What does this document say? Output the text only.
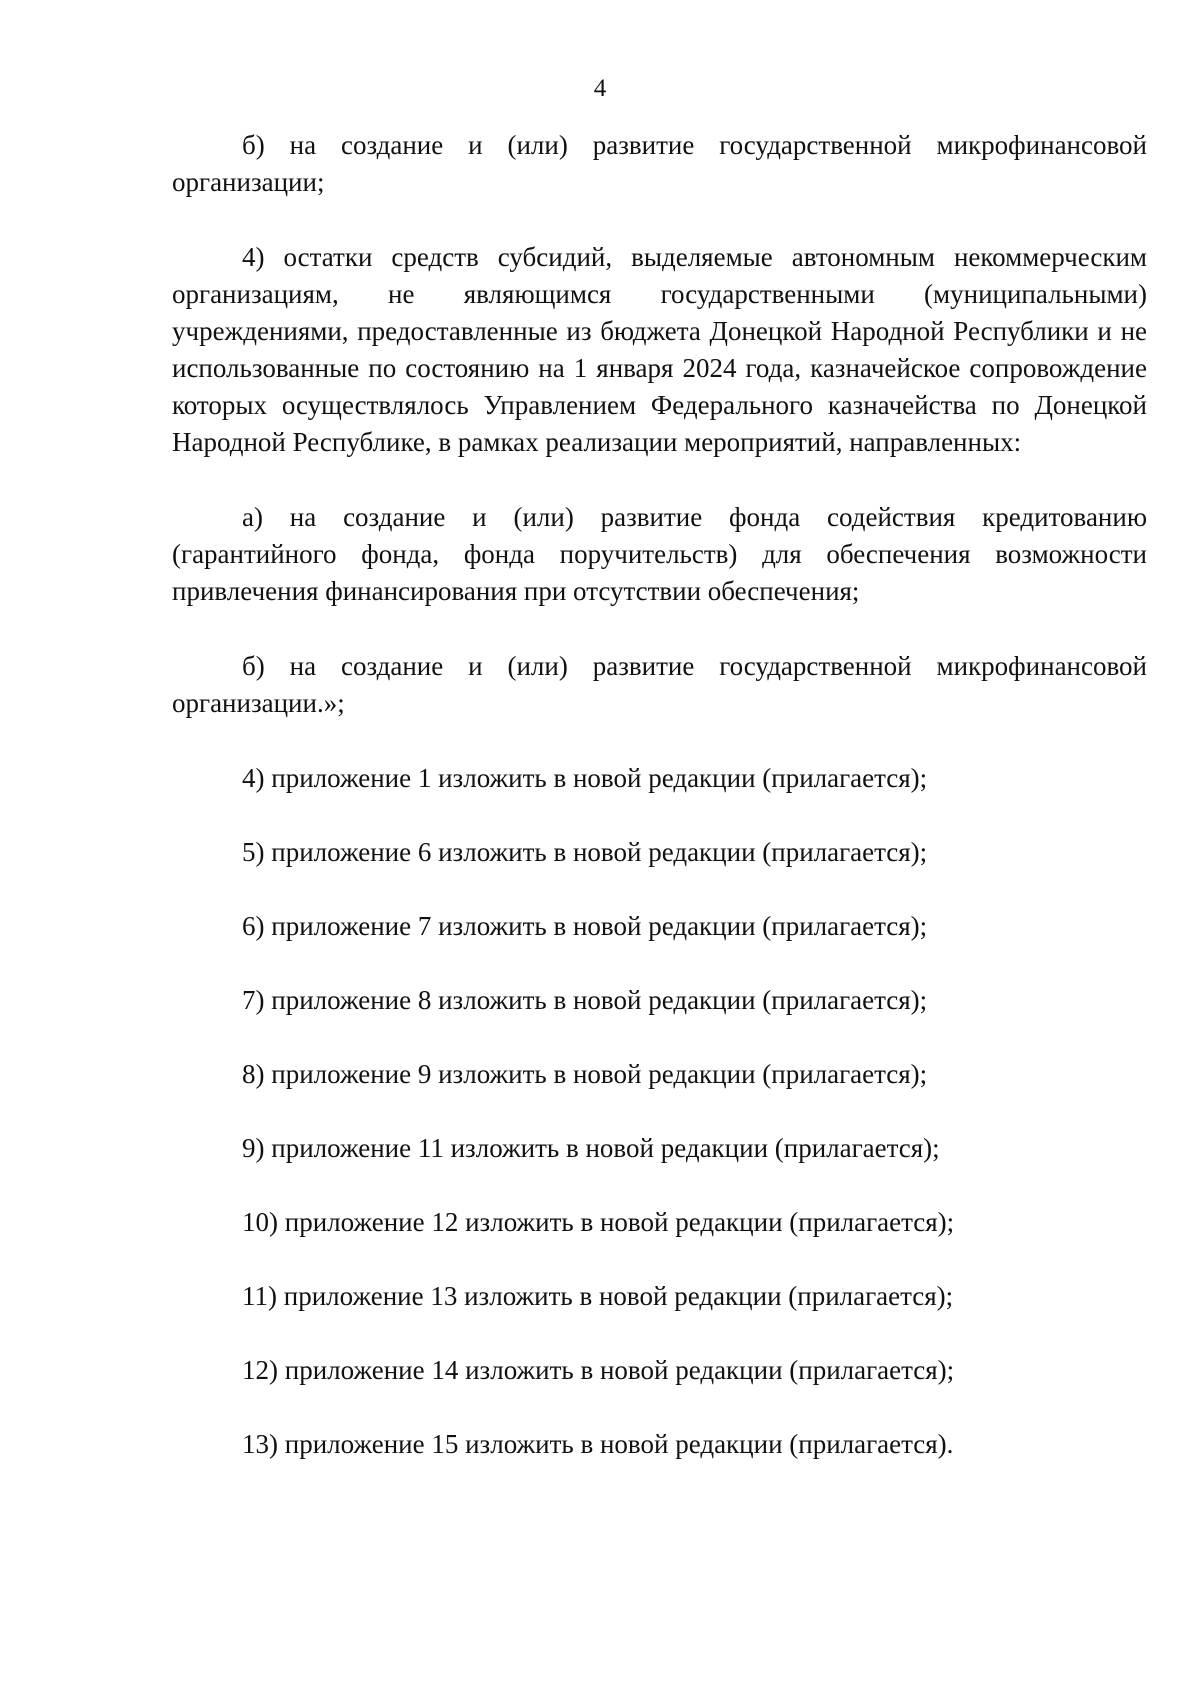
4

б) на создание и (или) развитие государственной микрофинансовой организации;

4) остатки средств субсидий, выделяемые автономным некоммерческим организациям, не являющимся государственными (муниципальными) учреждениями, предоставленные из бюджета Донецкой Народной Республики и не использованные по состоянию на 1 января 2024 года, казначейское сопровождение которых осуществлялось Управлением Федерального казначейства по Донецкой Народной Республике, в рамках реализации мероприятий, направленных:

а) на создание и (или) развитие фонда содействия кредитованию (гарантийного фонда, фонда поручительств) для обеспечения возможности привлечения финансирования при отсутствии обеспечения;

б) на создание и (или) развитие государственной микрофинансовой организации.»;

4) приложение 1 изложить в новой редакции (прилагается);

5) приложение 6 изложить в новой редакции (прилагается);

6) приложение 7 изложить в новой редакции (прилагается);

7) приложение 8 изложить в новой редакции (прилагается);

8) приложение 9 изложить в новой редакции (прилагается);

9) приложение 11 изложить в новой редакции (прилагается);

10) приложение 12 изложить в новой редакции (прилагается);

11) приложение 13 изложить в новой редакции (прилагается);

12) приложение 14 изложить в новой редакции (прилагается);

13) приложение 15 изложить в новой редакции (прилагается).
